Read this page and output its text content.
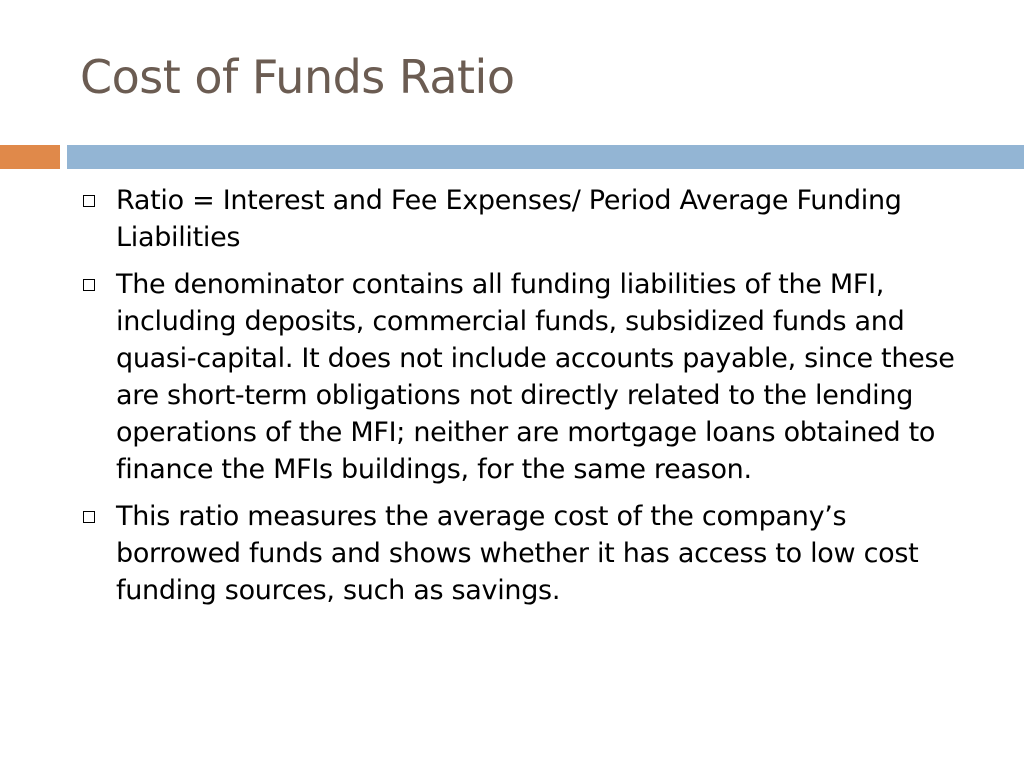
Cost of Funds Ratio
Ratio = Interest and Fee Expenses/ Period Average Funding Liabilities
The denominator contains all funding liabilities of the MFI, including deposits, commercial funds, subsidized funds and quasi-capital. It does not include accounts payable, since these are short-term obligations not directly related to the lending operations of the MFI; neither are mortgage loans obtained to finance the MFIs buildings, for the same reason.
This ratio measures the average cost of the company’s borrowed funds and shows whether it has access to low cost funding sources, such as savings.
